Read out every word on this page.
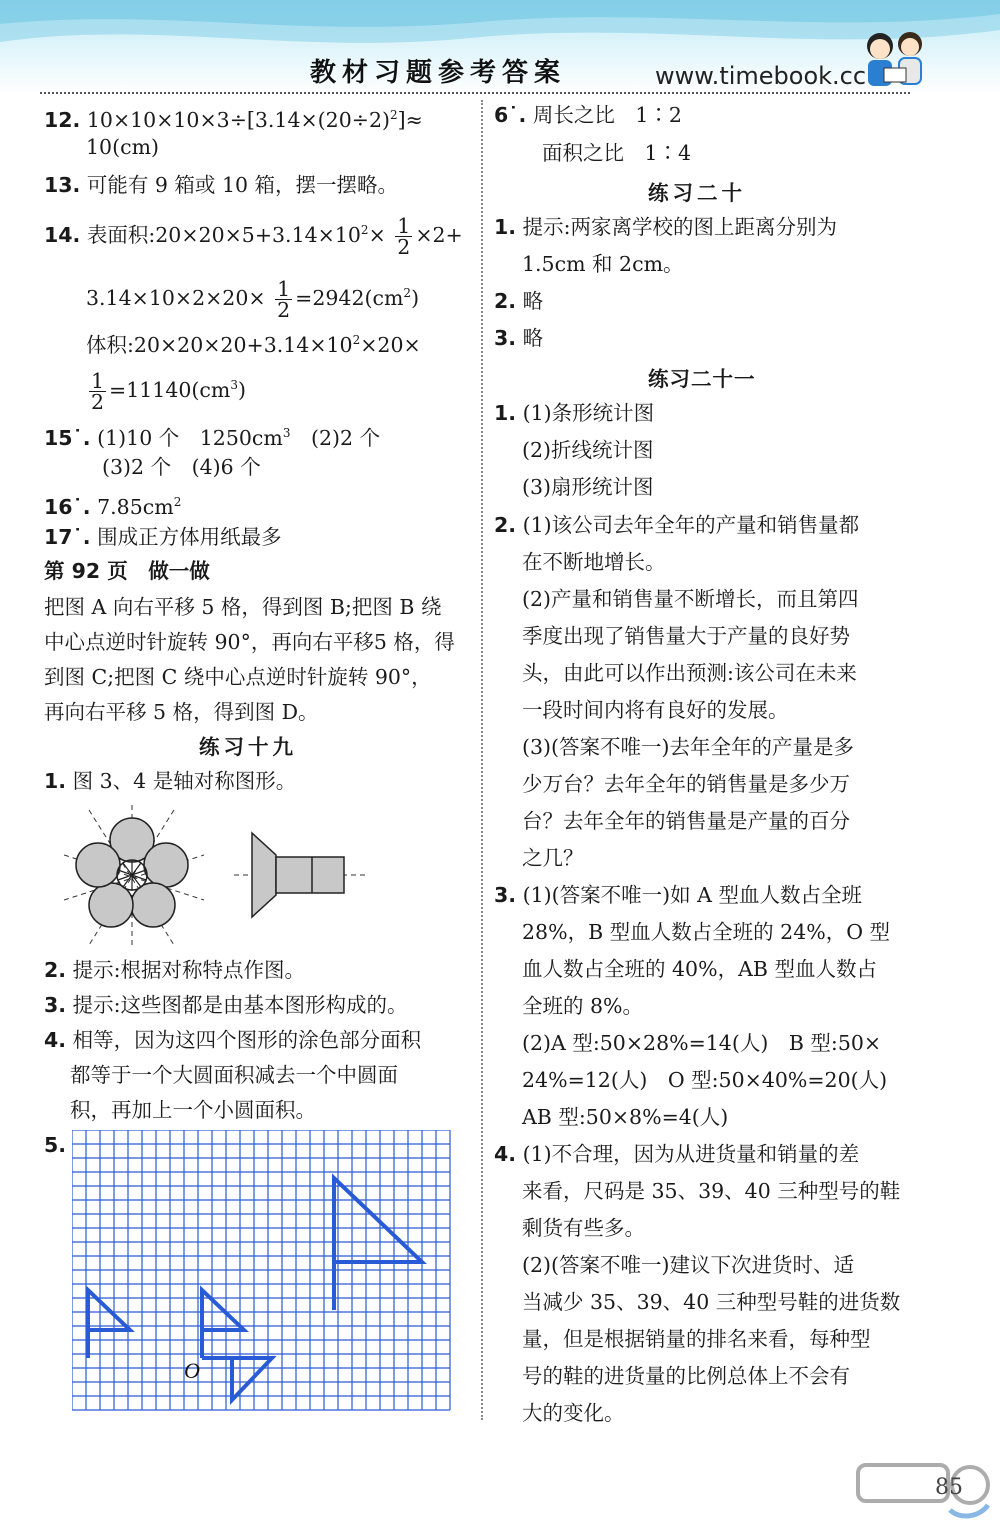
教材习题参考答案	www.timebook.cc
12. $10\times 10\times 10\times 3\div[3.14\times(20\div 2)^2]\approx$
10(cm)
13. 可能有 9 箱或 10 箱，摆一摆略。
14. 表面积$:20\times 20\times 5+3.14\times 10^2\times \frac{1}{2} \times 2+$
$3.14\times 10\times 2\times 20\times \frac{1}{2} =2942(cm^2)$
体积$:20\times 20\times 20+3.14\times 10^2\times 20\times$
$\frac{1}{2} =11140(cm^3)$
15˙. (1)10 个　$1250cm^3$　(2)2 个
(3)2 个　(4)6 个
16˙. $7.85cm^2$
17˙. 围成正方体用纸最多
第 92 页　做一做
把图 A 向右平移 5 格，得到图 B;把图 B 绕
中心点逆时针旋转 90°，再向右平移5 格，得
到图 C;把图 C 绕中心点逆时针旋转 90°，
再向右平移 5 格，得到图 D。
练习十九
1. 图 3、4 是轴对称图形。
2. 提示:根据对称特点作图。
3. 提示:这些图都是由基本图形构成的。
4. 相等，因为这四个图形的涂色部分面积
都等于一个大圆面积减去一个中圆面
积，再加上一个小圆面积。
5.
O
6˙. 周长之比　1∶2
面积之比　1∶4
练习二十
1. 提示:两家离学校的图上距离分别为
1.5cm 和 2cm。
2. 略
3. 略
练习二十一
1. (1)条形统计图
(2)折线统计图
(3)扇形统计图
2. (1)该公司去年全年的产量和销售量都
在不断地增长。
(2)产量和销售量不断增长，而且第四
季度出现了销售量大于产量的良好势
头，由此可以作出预测:该公司在未来
一段时间内将有良好的发展。
(3)(答案不唯一)去年全年的产量是多
少万台？去年全年的销售量是多少万
台？去年全年的销售量是产量的百分
之几？
3. (1)(答案不唯一)如 A 型血人数占全班
28%，B 型血人数占全班的 24%，O 型
血人数占全班的 40%，AB 型血人数占
全班的 8%。
(2)A 型:50×28%=14(人)　B 型:50×
24%=12(人)　O 型:50×40%=20(人)
AB 型:50×8%=4(人)
4. (1)不合理，因为从进货量和销量的差
来看，尺码是 35、39、40 三种型号的鞋
剩货有些多。
(2)(答案不唯一)建议下次进货时、适
当减少 35、39、40 三种型号鞋的进货数
量，但是根据销量的排名来看，每种型
号的鞋的进货量的比例总体上不会有
大的变化。
85
